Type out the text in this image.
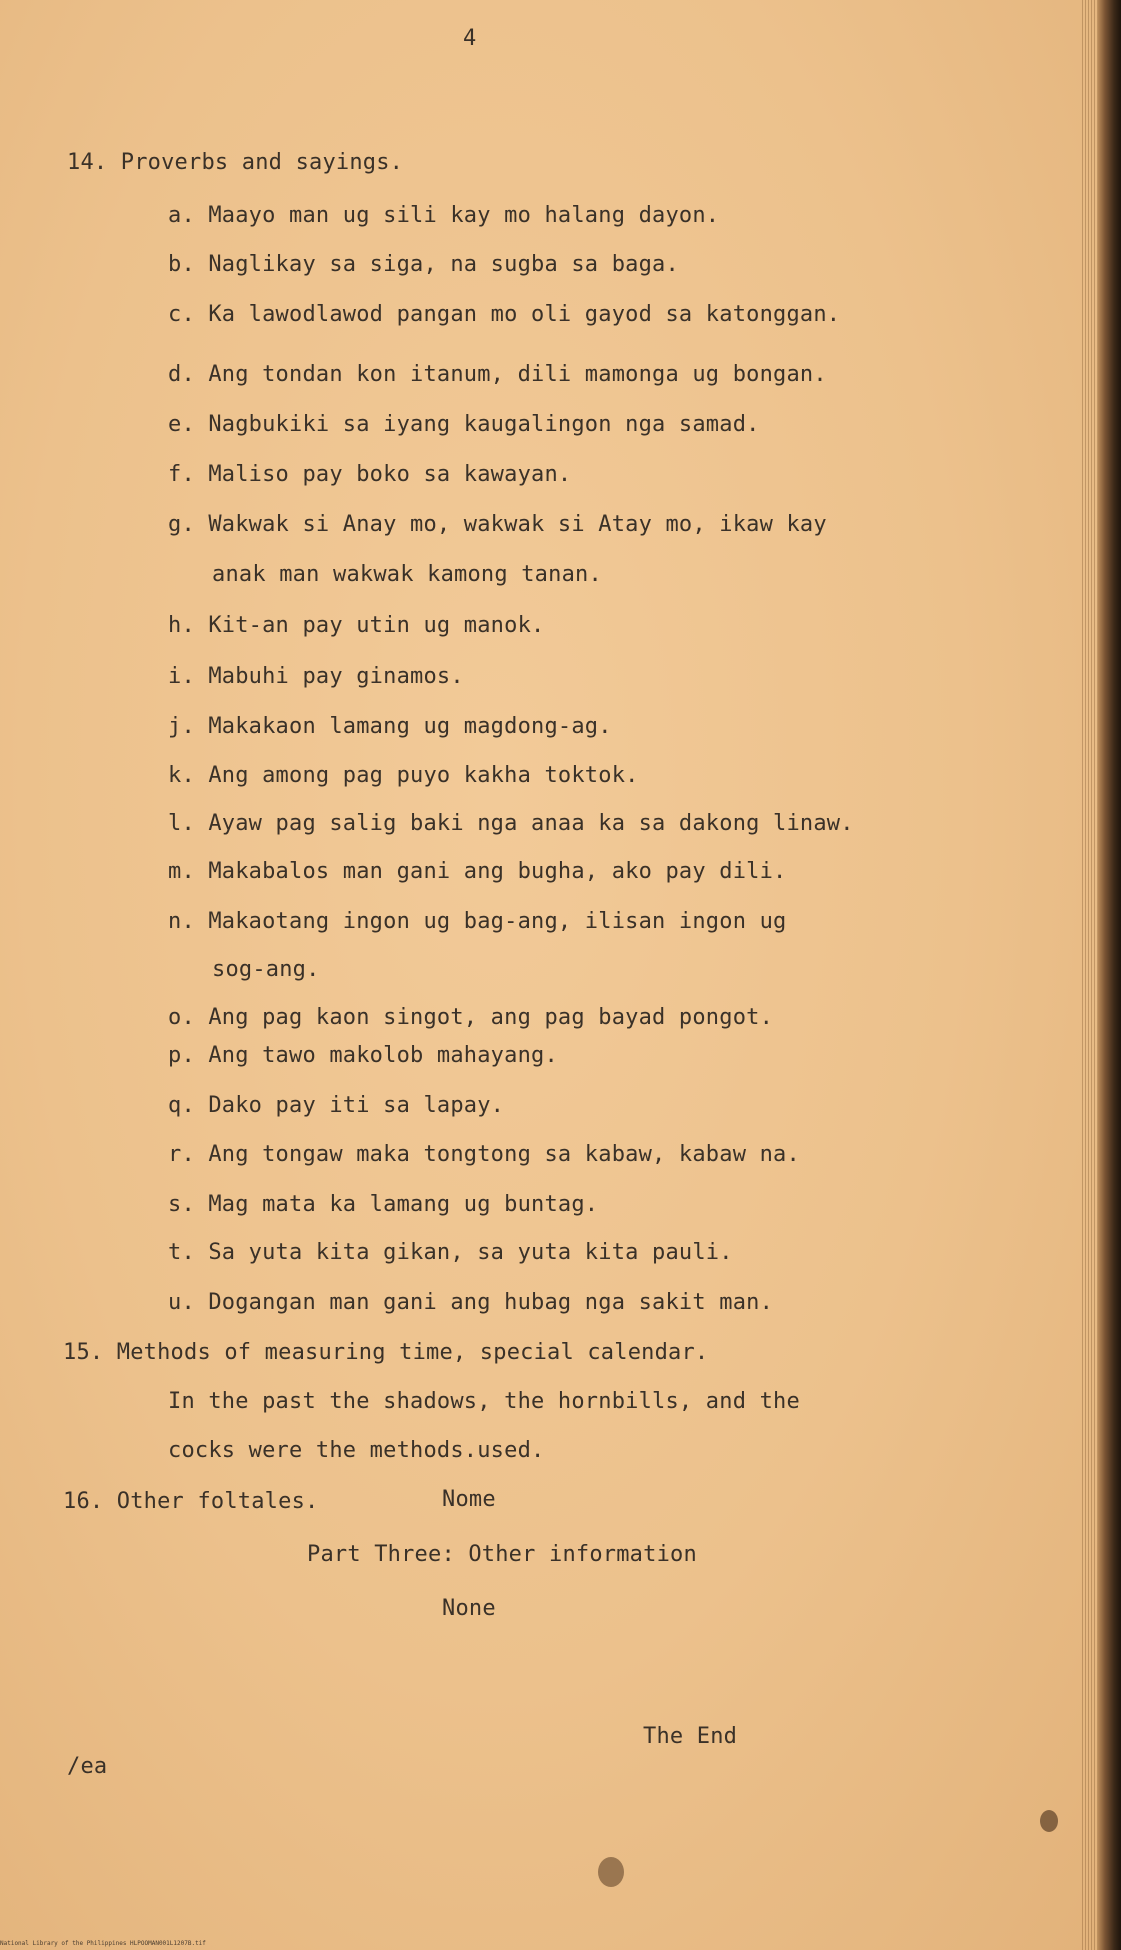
4
14. Proverbs and sayings.
a. Maayo man ug sili kay mo halang dayon.
b. Naglikay sa siga, na sugba sa baga.
c. Ka lawodlawod pangan mo oli gayod sa katonggan.
d. Ang tondan kon itanum, dili mamonga ug bongan.
e. Nagbukiki sa iyang kaugalingon nga samad.
f. Maliso pay boko sa kawayan.
g. Wakwak si Anay mo, wakwak si Atay mo, ikaw kay
anak man wakwak kamong tanan.
h. Kit-an pay utin ug manok.
i. Mabuhi pay ginamos.
j. Makakaon lamang ug magdong-ag.
k. Ang among pag puyo kakha toktok.
l. Ayaw pag salig baki nga anaa ka sa dakong linaw.
m. Makabalos man gani ang bugha, ako pay dili.
n. Makaotang ingon ug bag-ang, ilisan ingon ug
sog-ang.
o. Ang pag kaon singot, ang pag bayad pongot.
p. Ang tawo makolob mahayang.
q. Dako pay iti sa lapay.
r. Ang tongaw maka tongtong sa kabaw, kabaw na.
s. Mag mata ka lamang ug buntag.
t. Sa yuta kita gikan, sa yuta kita pauli.
u. Dogangan man gani ang hubag nga sakit man.
15. Methods of measuring time, special calendar.
In the past the shadows, the hornbills, and the
cocks were the methods.used.
16. Other foltales.	Nome
Part Three: Other information
None
The End
/ea
National Library of the Philippines HLPOOMAN001L1207B.tif
